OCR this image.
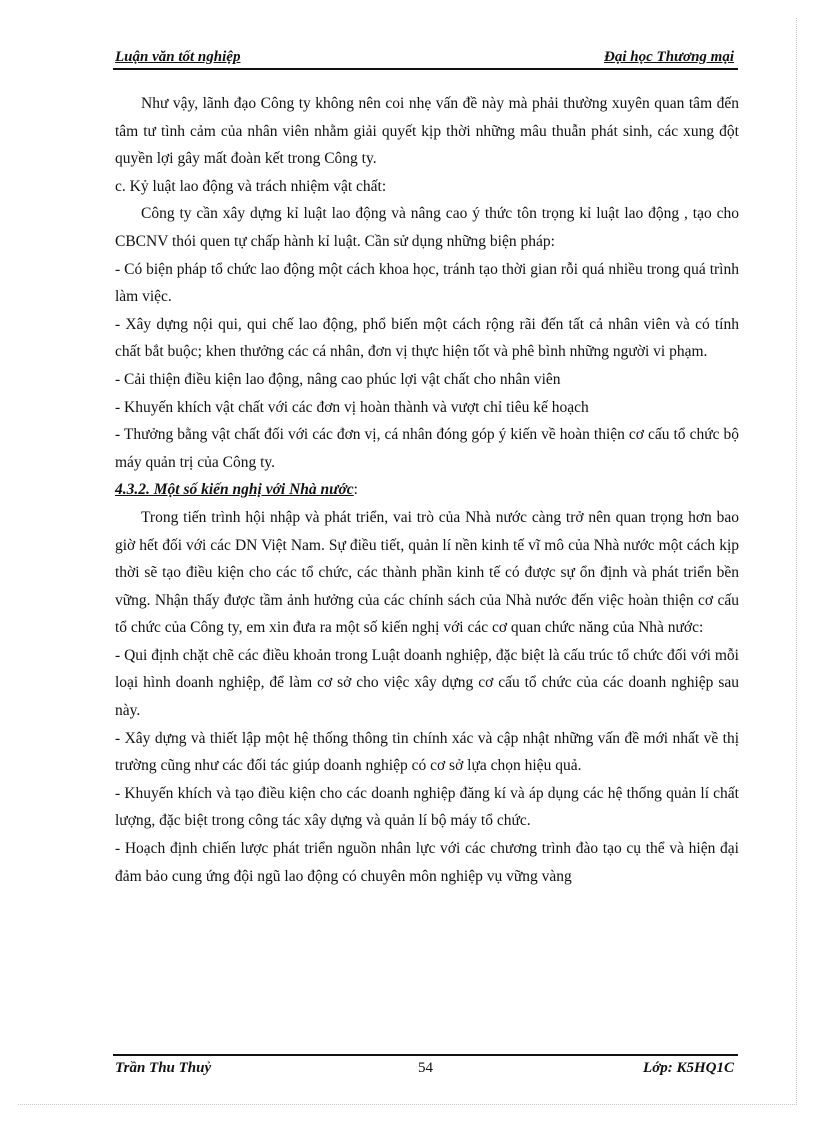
Luận văn tốt nghiệp	Đại học Thương mại

Như vậy, lãnh đạo Công ty không nên coi nhẹ vấn đề này mà phải thường xuyên quan tâm đến tâm tư tình cảm của nhân viên nhằm giải quyết kịp thời những mâu thuẫn phát sinh, các xung đột quyền lợi gây mất đoàn kết trong Công ty.

c. Kỷ luật lao động và trách nhiệm vật chất:

Công ty cần xây dựng kỉ luật lao động và nâng cao ý thức tôn trọng kỉ luật lao động , tạo cho CBCNV thói quen tự chấp hành kỉ luật. Cần sử dụng những biện pháp:

- Có biện pháp tổ chức lao động một cách khoa học, tránh tạo thời gian rỗi quá nhiều trong quá trình làm việc.

- Xây dựng nội qui, qui chế lao động, phổ biến một cách rộng rãi đến tất cả nhân viên và có tính chất bắt buộc; khen thưởng các cá nhân, đơn vị thực hiện tốt và phê bình những người vi phạm.

- Cải thiện điều kiện lao động, nâng cao phúc lợi vật chất cho nhân viên

- Khuyến khích vật chất với các đơn vị hoàn thành và vượt chỉ tiêu kế hoạch

- Thưởng bằng vật chất đối với các đơn vị, cá nhân đóng góp ý kiến về hoàn thiện cơ cấu tổ chức bộ máy quản trị của Công ty.

4.3.2. Một số kiến nghị với Nhà nước:

Trong tiến trình hội nhập và phát triển, vai trò của Nhà nước càng trở nên quan trọng hơn bao giờ hết đối với các DN Việt Nam. Sự điều tiết, quản lí nền kinh tế vĩ mô của Nhà nước một cách kịp thời sẽ tạo điều kiện cho các tổ chức, các thành phần kinh tế có được sự ổn định và phát triển bền vững. Nhận thấy được tầm ảnh hưởng của các chính sách của Nhà nước đến việc hoàn thiện cơ cấu tổ chức của Công ty, em xin đưa ra một số kiến nghị với các cơ quan chức năng của Nhà nước:

- Qui định chặt chẽ các điều khoản trong Luật doanh nghiệp, đặc biệt là cấu trúc tổ chức đối với mỗi loại hình doanh nghiệp, để làm cơ sở cho việc xây dựng cơ cấu tổ chức của các doanh nghiệp sau này.

- Xây dựng và thiết lập một hệ thống thông tin chính xác và cập nhật những vấn đề mới nhất về thị trường cũng như các đối tác giúp doanh nghiệp có cơ sở lựa chọn hiệu quả.

- Khuyến khích và tạo điều kiện cho các doanh nghiệp đăng kí và áp dụng các hệ thống quản lí chất lượng, đặc biệt trong công tác xây dựng và quản lí bộ máy tổ chức.

- Hoạch định chiến lược phát triển nguồn nhân lực với các chương trình đào tạo cụ thể và hiện đại đảm bảo cung ứng đội ngũ lao động có chuyên môn nghiệp vụ vững vàng

Trần Thu Thuỷ	54	Lớp: K5HQ1C
